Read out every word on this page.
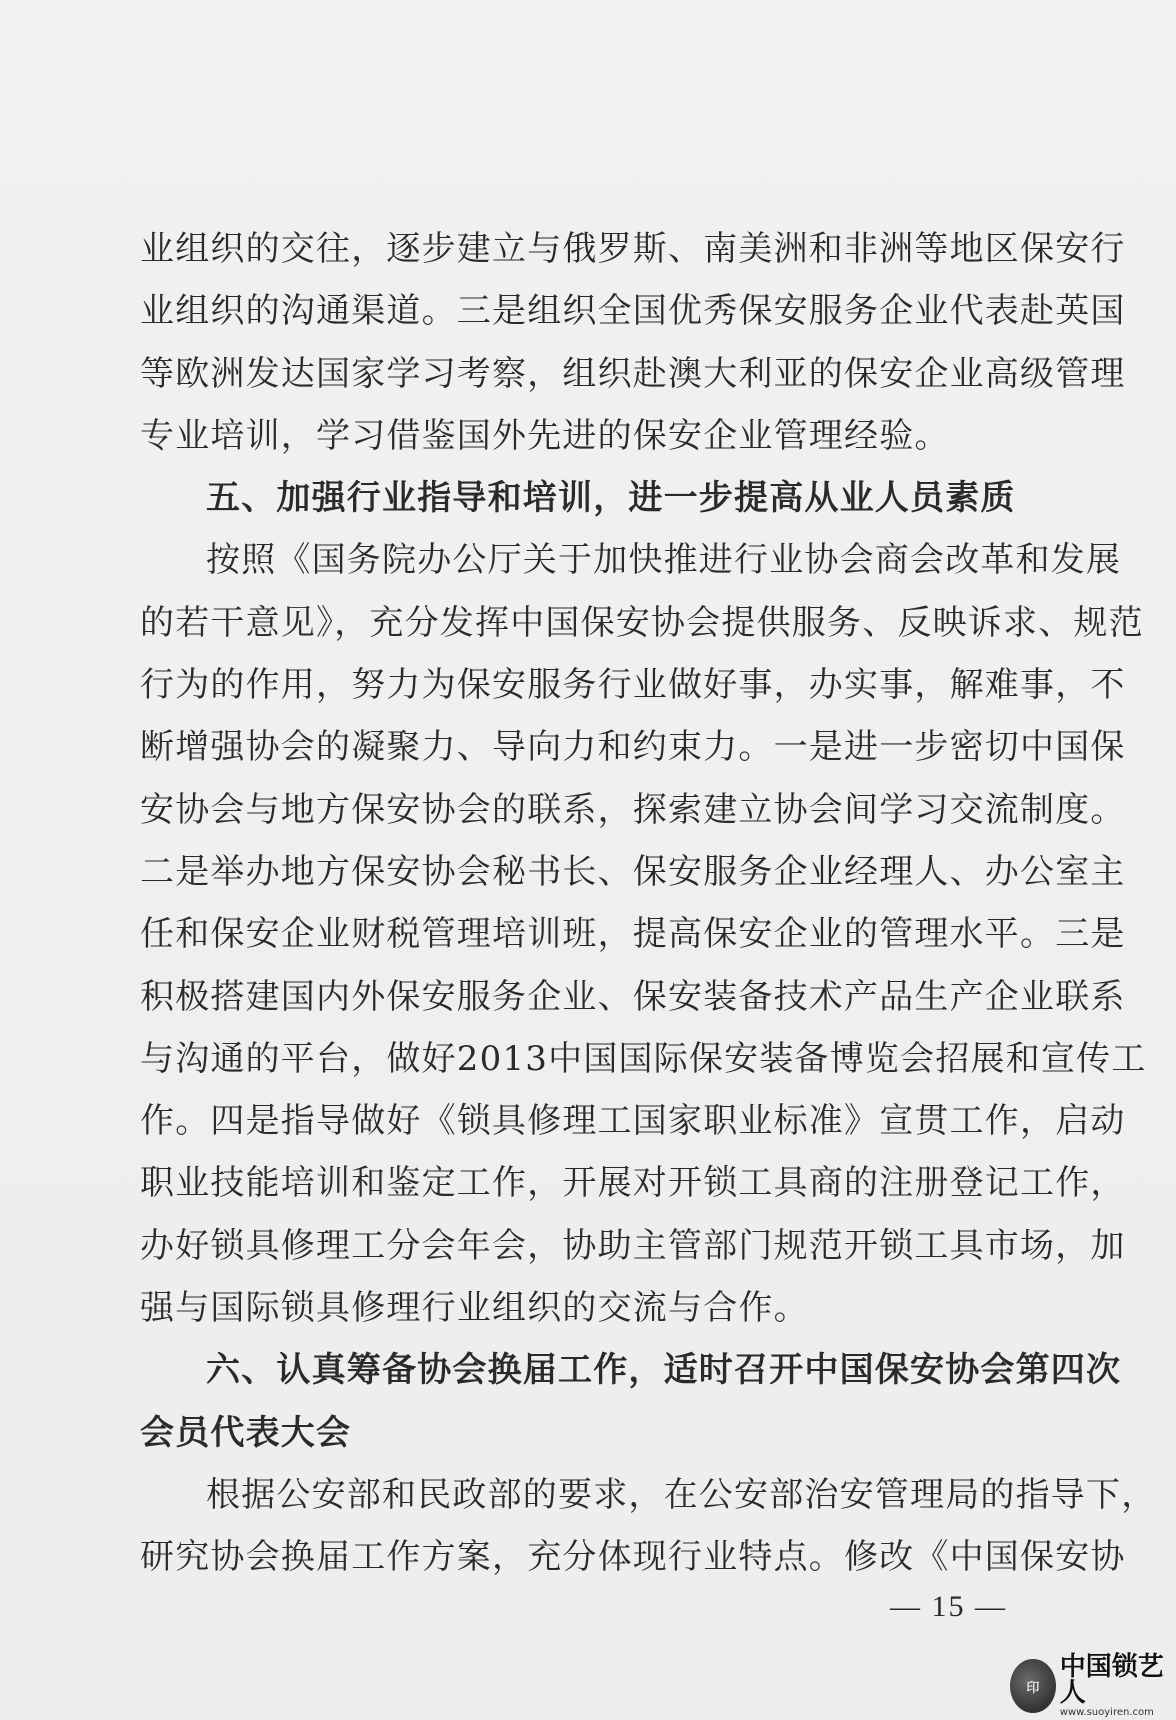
业组织的交往，逐步建立与俄罗斯、南美洲和非洲等地区保安行
业组织的沟通渠道。三是组织全国优秀保安服务企业代表赴英国
等欧洲发达国家学习考察，组织赴澳大利亚的保安企业高级管理
专业培训，学习借鉴国外先进的保安企业管理经验。
五、加强行业指导和培训，进一步提高从业人员素质
按照《国务院办公厅关于加快推进行业协会商会改革和发展
的若干意见》，充分发挥中国保安协会提供服务、反映诉求、规范
行为的作用，努力为保安服务行业做好事，办实事，解难事，不
断增强协会的凝聚力、导向力和约束力。一是进一步密切中国保
安协会与地方保安协会的联系，探索建立协会间学习交流制度。
二是举办地方保安协会秘书长、保安服务企业经理人、办公室主
任和保安企业财税管理培训班，提高保安企业的管理水平。三是
积极搭建国内外保安服务企业、保安装备技术产品生产企业联系
与沟通的平台，做好2013中国国际保安装备博览会招展和宣传工
作。四是指导做好《锁具修理工国家职业标准》宣贯工作，启动
职业技能培训和鉴定工作，开展对开锁工具商的注册登记工作，
办好锁具修理工分会年会，协助主管部门规范开锁工具市场，加
强与国际锁具修理行业组织的交流与合作。
六、认真筹备协会换届工作，适时召开中国保安协会第四次
会员代表大会
根据公安部和民政部的要求，在公安部治安管理局的指导下，
研究协会换届工作方案，充分体现行业特点。修改《中国保安协
— 15 —
印
中国锁艺人
www.suoyiren.com
